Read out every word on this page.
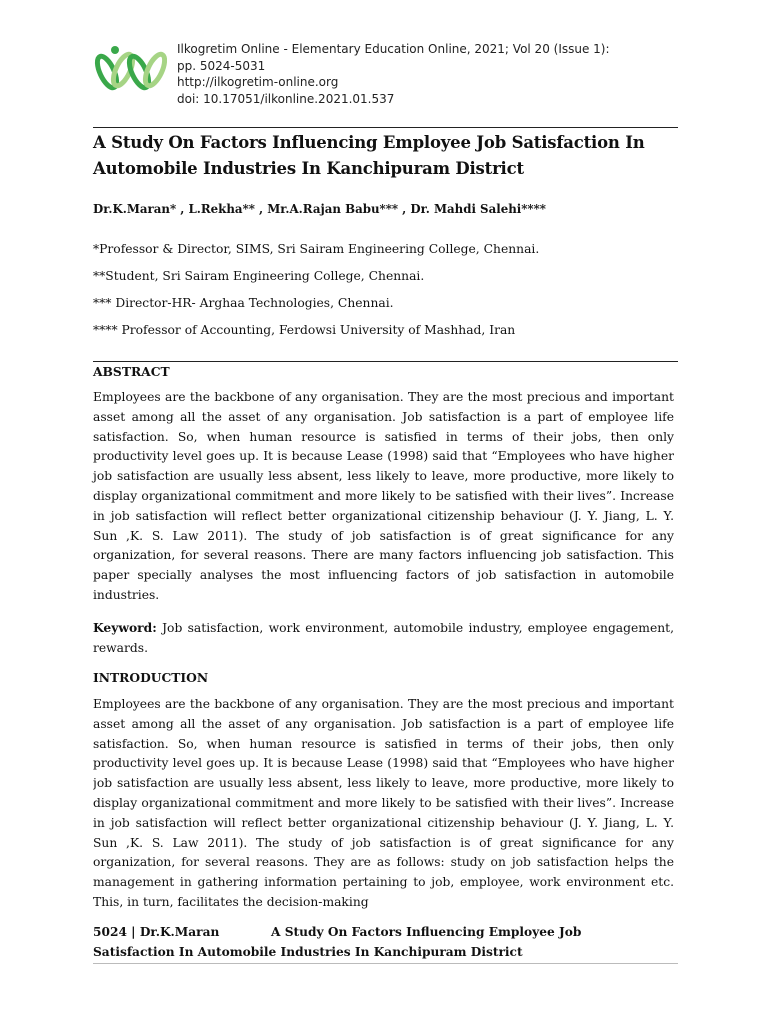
Ilkogretim Online - Elementary Education Online, 2021; Vol 20 (Issue 1):
pp. 5024-5031
http://ilkogretim-online.org
doi: 10.17051/ilkonline.2021.01.537
A Study On Factors Influencing Employee Job Satisfaction In Automobile Industries In Kanchipuram District
Dr.K.Maran* , L.Rekha** , Mr.A.Rajan Babu*** , Dr. Mahdi Salehi****
*Professor & Director, SIMS, Sri Sairam Engineering College, Chennai.
**Student, Sri Sairam Engineering College, Chennai.
*** Director-HR- Arghaa Technologies, Chennai.
**** Professor of Accounting, Ferdowsi University of Mashhad, Iran
ABSTRACT

Employees are the backbone of any organisation. They are the most precious and important asset among all the asset of any organisation. Job satisfaction is a part of employee life satisfaction. So, when human resource is satisfied in terms of their jobs, then only productivity level goes up. It is because Lease (1998) said that “Employees who have higher job satisfaction are usually less absent, less likely to leave, more productive, more likely to display organizational commitment and more likely to be satisfied with their lives”. Increase in job satisfaction will reflect better organizational citizenship behaviour (J. Y. Jiang, L. Y. Sun ,K. S. Law 2011). The study of job satisfaction is of great significance for any organization, for several reasons. There are many factors influencing job satisfaction. This paper specially analyses the most influencing factors of job satisfaction in automobile industries.

Keyword: Job satisfaction, work environment, automobile industry, employee engagement, rewards.

INTRODUCTION

Employees are the backbone of any organisation. They are the most precious and important asset among all the asset of any organisation. Job satisfaction is a part of employee life satisfaction. So, when human resource is satisfied in terms of their jobs, then only productivity level goes up. It is because Lease (1998) said that “Employees who have higher job satisfaction are usually less absent, less likely to leave, more productive, more likely to display organizational commitment and more likely to be satisfied with their lives”. Increase in job satisfaction will reflect better organizational citizenship behaviour (J. Y. Jiang, L. Y. Sun ,K. S. Law 2011). The study of job satisfaction is of great significance for any organization, for several reasons. They are as follows: study on job satisfaction helps the management in gathering information pertaining to job, employee, work environment etc. This, in turn, facilitates the decision-making

5024 | Dr.K.Maran	A Study On Factors Influencing Employee Job
Satisfaction In Automobile Industries In Kanchipuram District
